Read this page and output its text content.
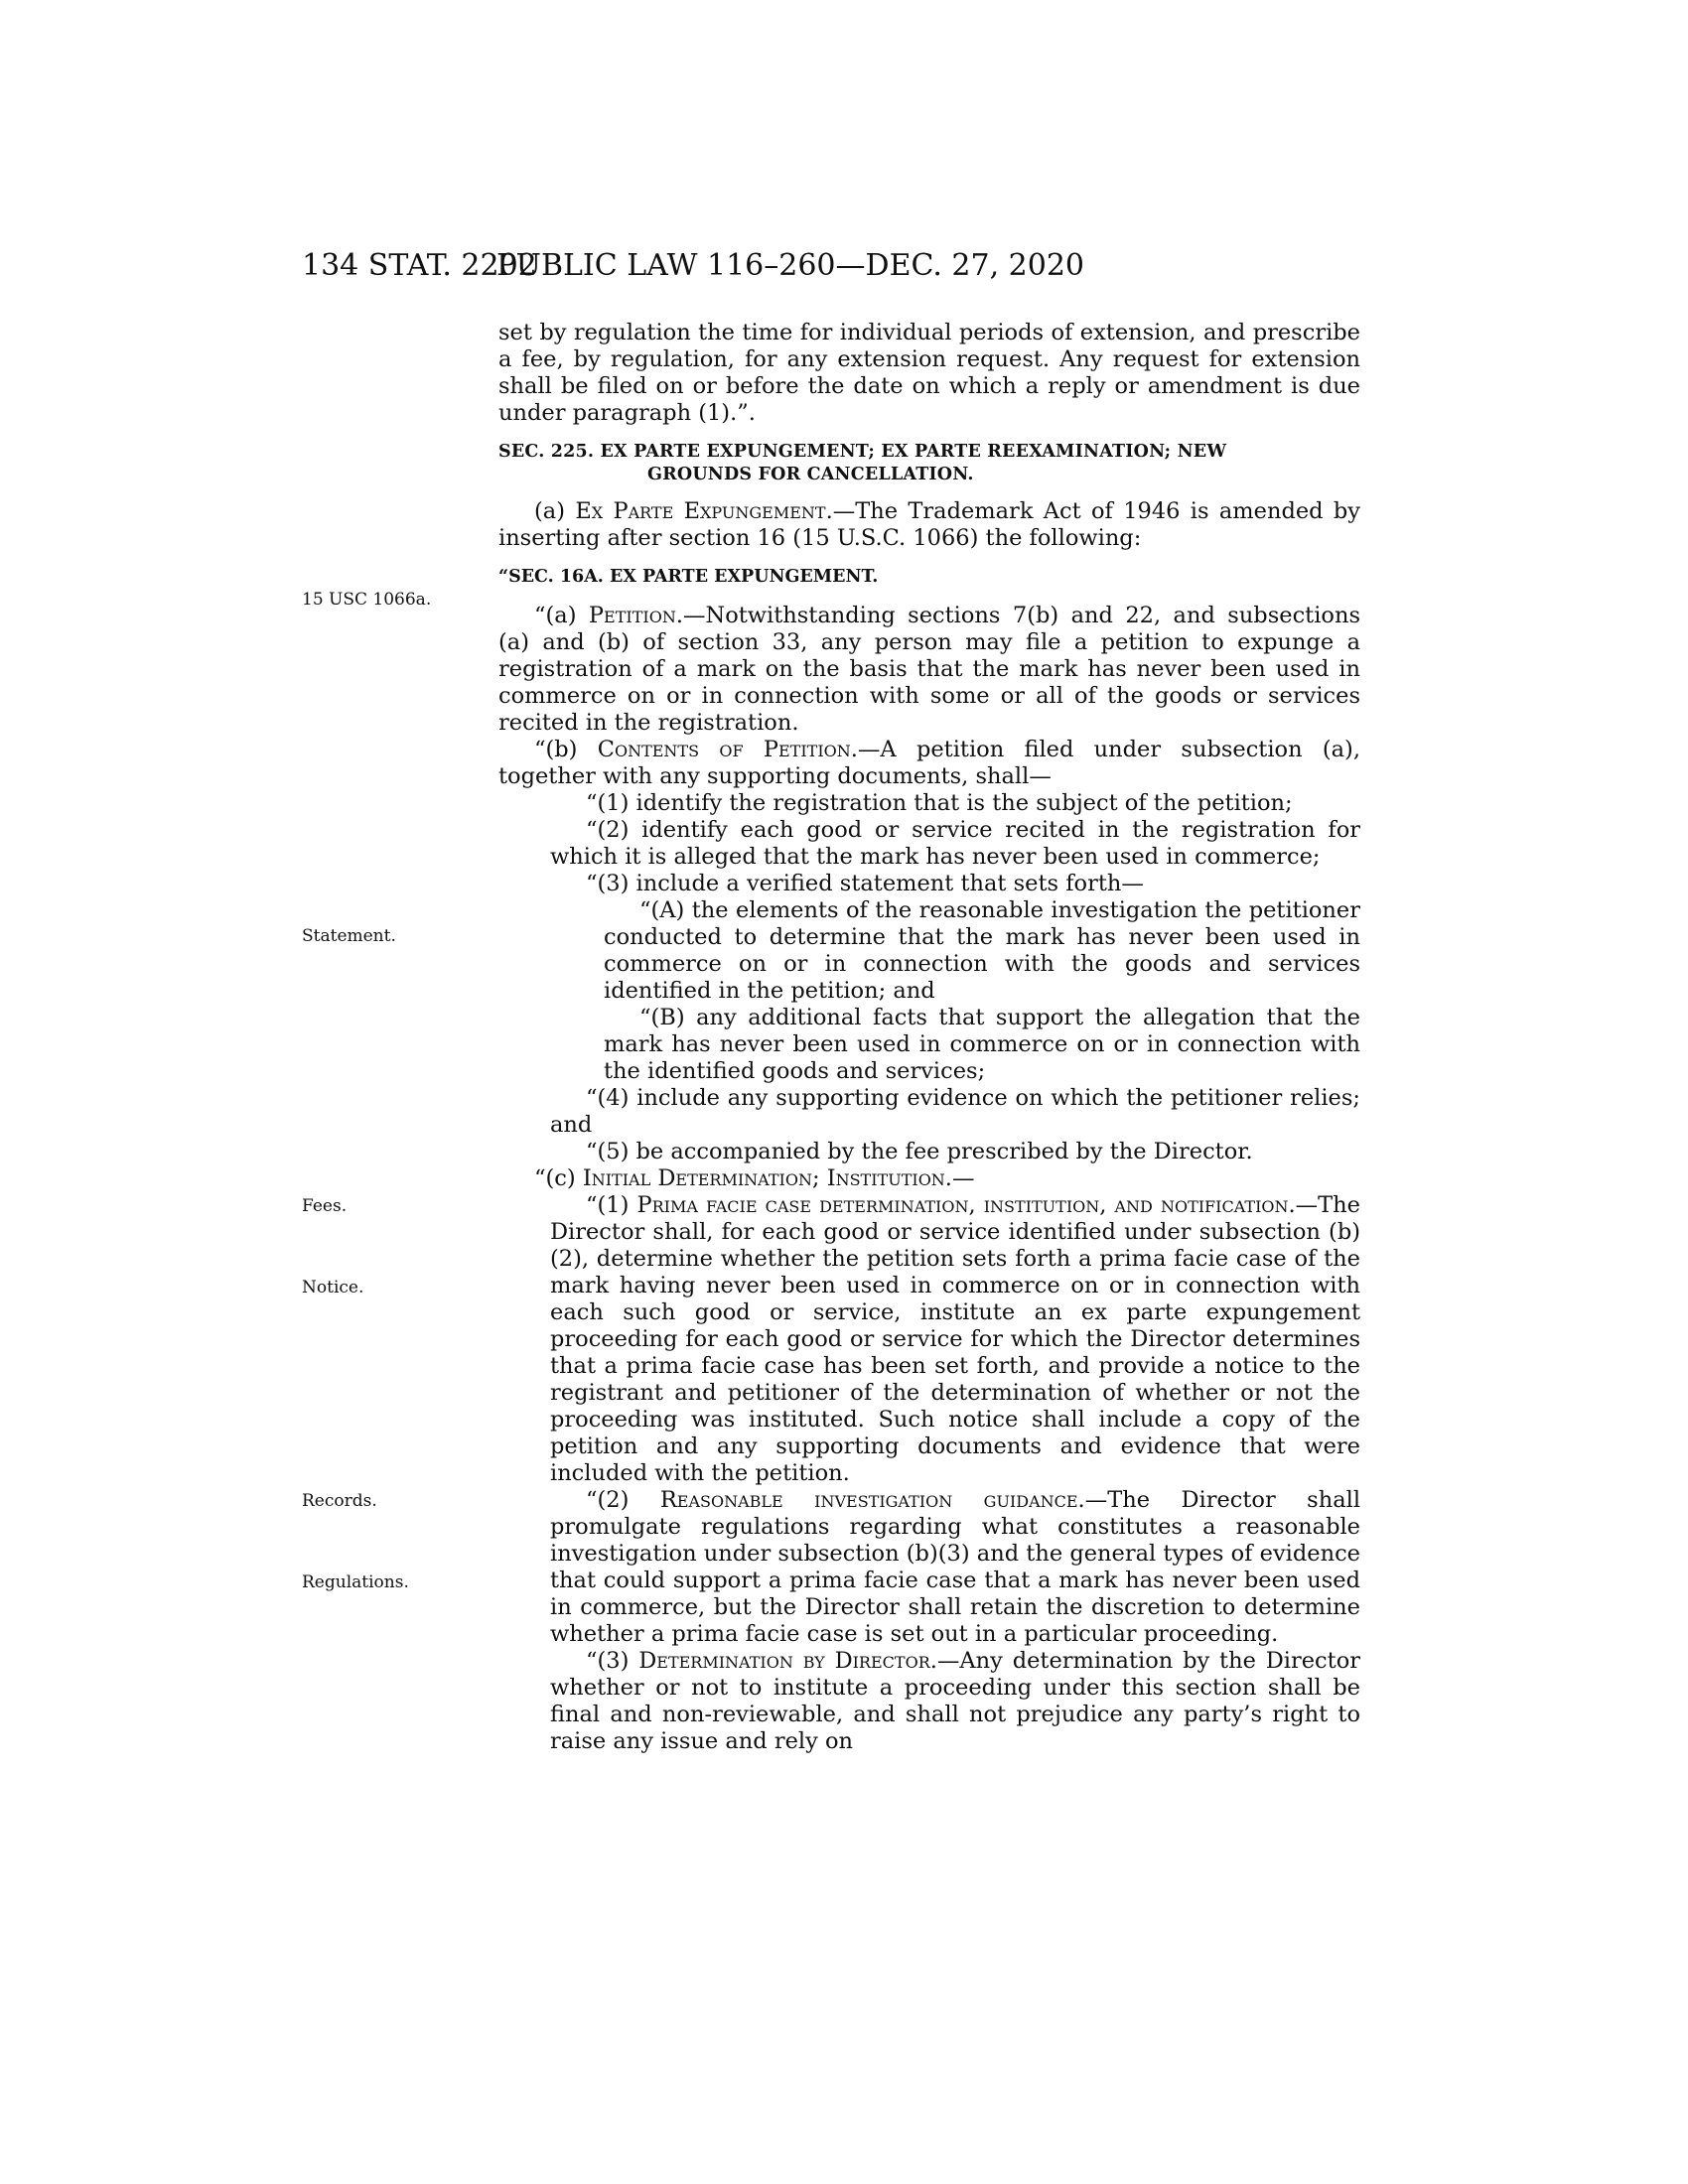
134 STAT. 2202
PUBLIC LAW 116–260—DEC. 27, 2020
15 USC 1066a.
Statement.
Fees.
Notice.
Records.
Regulations.

set by regulation the time for individual periods of extension, and prescribe a fee, by regulation, for any extension request. Any request for extension shall be filed on or before the date on which a reply or amendment is due under paragraph (1).”.

SEC. 225. EX PARTE EXPUNGEMENT; EX PARTE REEXAMINATION; NEW
GROUNDS FOR CANCELLATION.

(a) Ex Parte Expungement.—The Trademark Act of 1946 is amended by inserting after section 16 (15 U.S.C. 1066) the following:

“SEC. 16A. EX PARTE EXPUNGEMENT.

“(a) Petition.—Notwithstanding sections 7(b) and 22, and subsections (a) and (b) of section 33, any person may file a petition to expunge a registration of a mark on the basis that the mark has never been used in commerce on or in connection with some or all of the goods or services recited in the registration.

“(b) Contents of Petition.—A petition filed under subsection (a), together with any supporting documents, shall—

“(1) identify the registration that is the subject of the petition;

“(2) identify each good or service recited in the registration for which it is alleged that the mark has never been used in commerce;

“(3) include a verified statement that sets forth—

“(A) the elements of the reasonable investigation the petitioner conducted to determine that the mark has never been used in commerce on or in connection with the goods and services identified in the petition; and

“(B) any additional facts that support the allegation that the mark has never been used in commerce on or in connection with the identified goods and services;

“(4) include any supporting evidence on which the petitioner relies; and

“(5) be accompanied by the fee prescribed by the Director.

“(c) Initial Determination; Institution.—

“(1) Prima facie case determination, institution, and notification.—The Director shall, for each good or service identified under subsection (b)(2), determine whether the petition sets forth a prima facie case of the mark having never been used in commerce on or in connection with each such good or service, institute an ex parte expungement proceeding for each good or service for which the Director determines that a prima facie case has been set forth, and provide a notice to the registrant and petitioner of the determination of whether or not the proceeding was instituted. Such notice shall include a copy of the petition and any supporting documents and evidence that were included with the petition.

“(2) Reasonable investigation guidance.—The Director shall promulgate regulations regarding what constitutes a reasonable investigation under subsection (b)(3) and the general types of evidence that could support a prima facie case that a mark has never been used in commerce, but the Director shall retain the discretion to determine whether a prima facie case is set out in a particular proceeding.

“(3) Determination by Director.—Any determination by the Director whether or not to institute a proceeding under this section shall be final and non-reviewable, and shall not prejudice any party’s right to raise any issue and rely on
